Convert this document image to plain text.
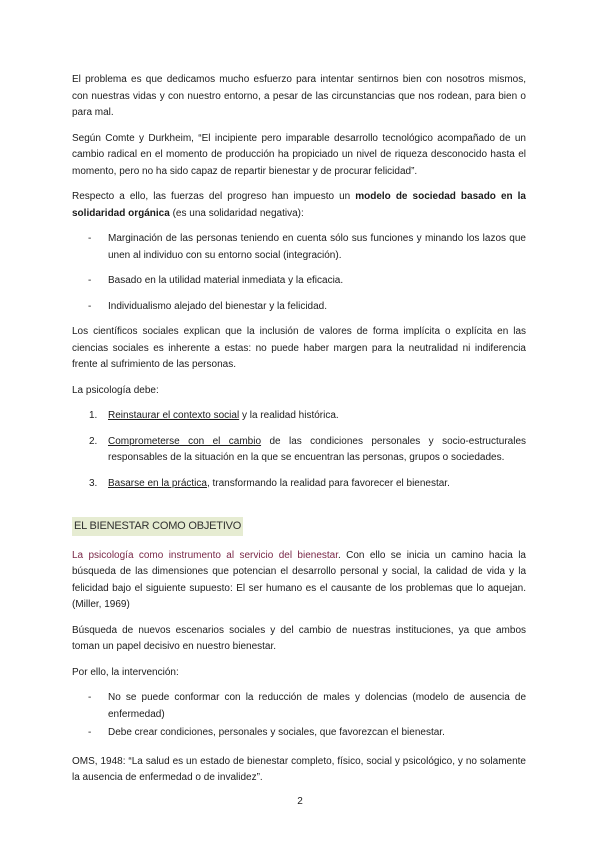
El problema es que dedicamos mucho esfuerzo para intentar sentirnos bien con nosotros mismos, con nuestras vidas y con nuestro entorno, a pesar de las circunstancias que nos rodean, para bien o para mal.

Según Comte y Durkheim, “El incipiente pero imparable desarrollo tecnológico acompañado de un cambio radical en el momento de producción ha propiciado un nivel de riqueza desconocido hasta el momento, pero no ha sido capaz de repartir bienestar y de procurar felicidad”.

Respecto a ello, las fuerzas del progreso han impuesto un modelo de sociedad basado en la solidaridad orgánica (es una solidaridad negativa):

- Marginación de las personas teniendo en cuenta sólo sus funciones y minando los lazos que unen al individuo con su entorno social (integración).
- Basado en la utilidad material inmediata y la eficacia.
- Individualismo alejado del bienestar y la felicidad.

Los científicos sociales explican que la inclusión de valores de forma implícita o explícita en las ciencias sociales es inherente a estas: no puede haber margen para la neutralidad ni indiferencia frente al sufrimiento de las personas.

La psicología debe:

1. Reinstaurar el contexto social y la realidad histórica.
2. Comprometerse con el cambio de las condiciones personales y socio-estructurales responsables de la situación en la que se encuentran las personas, grupos o sociedades.
3. Basarse en la práctica, transformando la realidad para favorecer el bienestar.
EL BIENESTAR COMO OBJETIVO

La psicología como instrumento al servicio del bienestar. Con ello se inicia un camino hacia la búsqueda de las dimensiones que potencian el desarrollo personal y social, la calidad de vida y la felicidad bajo el siguiente supuesto: El ser humano es el causante de los problemas que lo aquejan. (Miller, 1969)

Búsqueda de nuevos escenarios sociales y del cambio de nuestras instituciones, ya que ambos toman un papel decisivo en nuestro bienestar.

Por ello, la intervención:

- No se puede conformar con la reducción de males y dolencias (modelo de ausencia de enfermedad)
- Debe crear condiciones, personales y sociales, que favorezcan el bienestar.

OMS, 1948: “La salud es un estado de bienestar completo, físico, social y psicológico, y no solamente la ausencia de enfermedad o de invalidez”.

2
